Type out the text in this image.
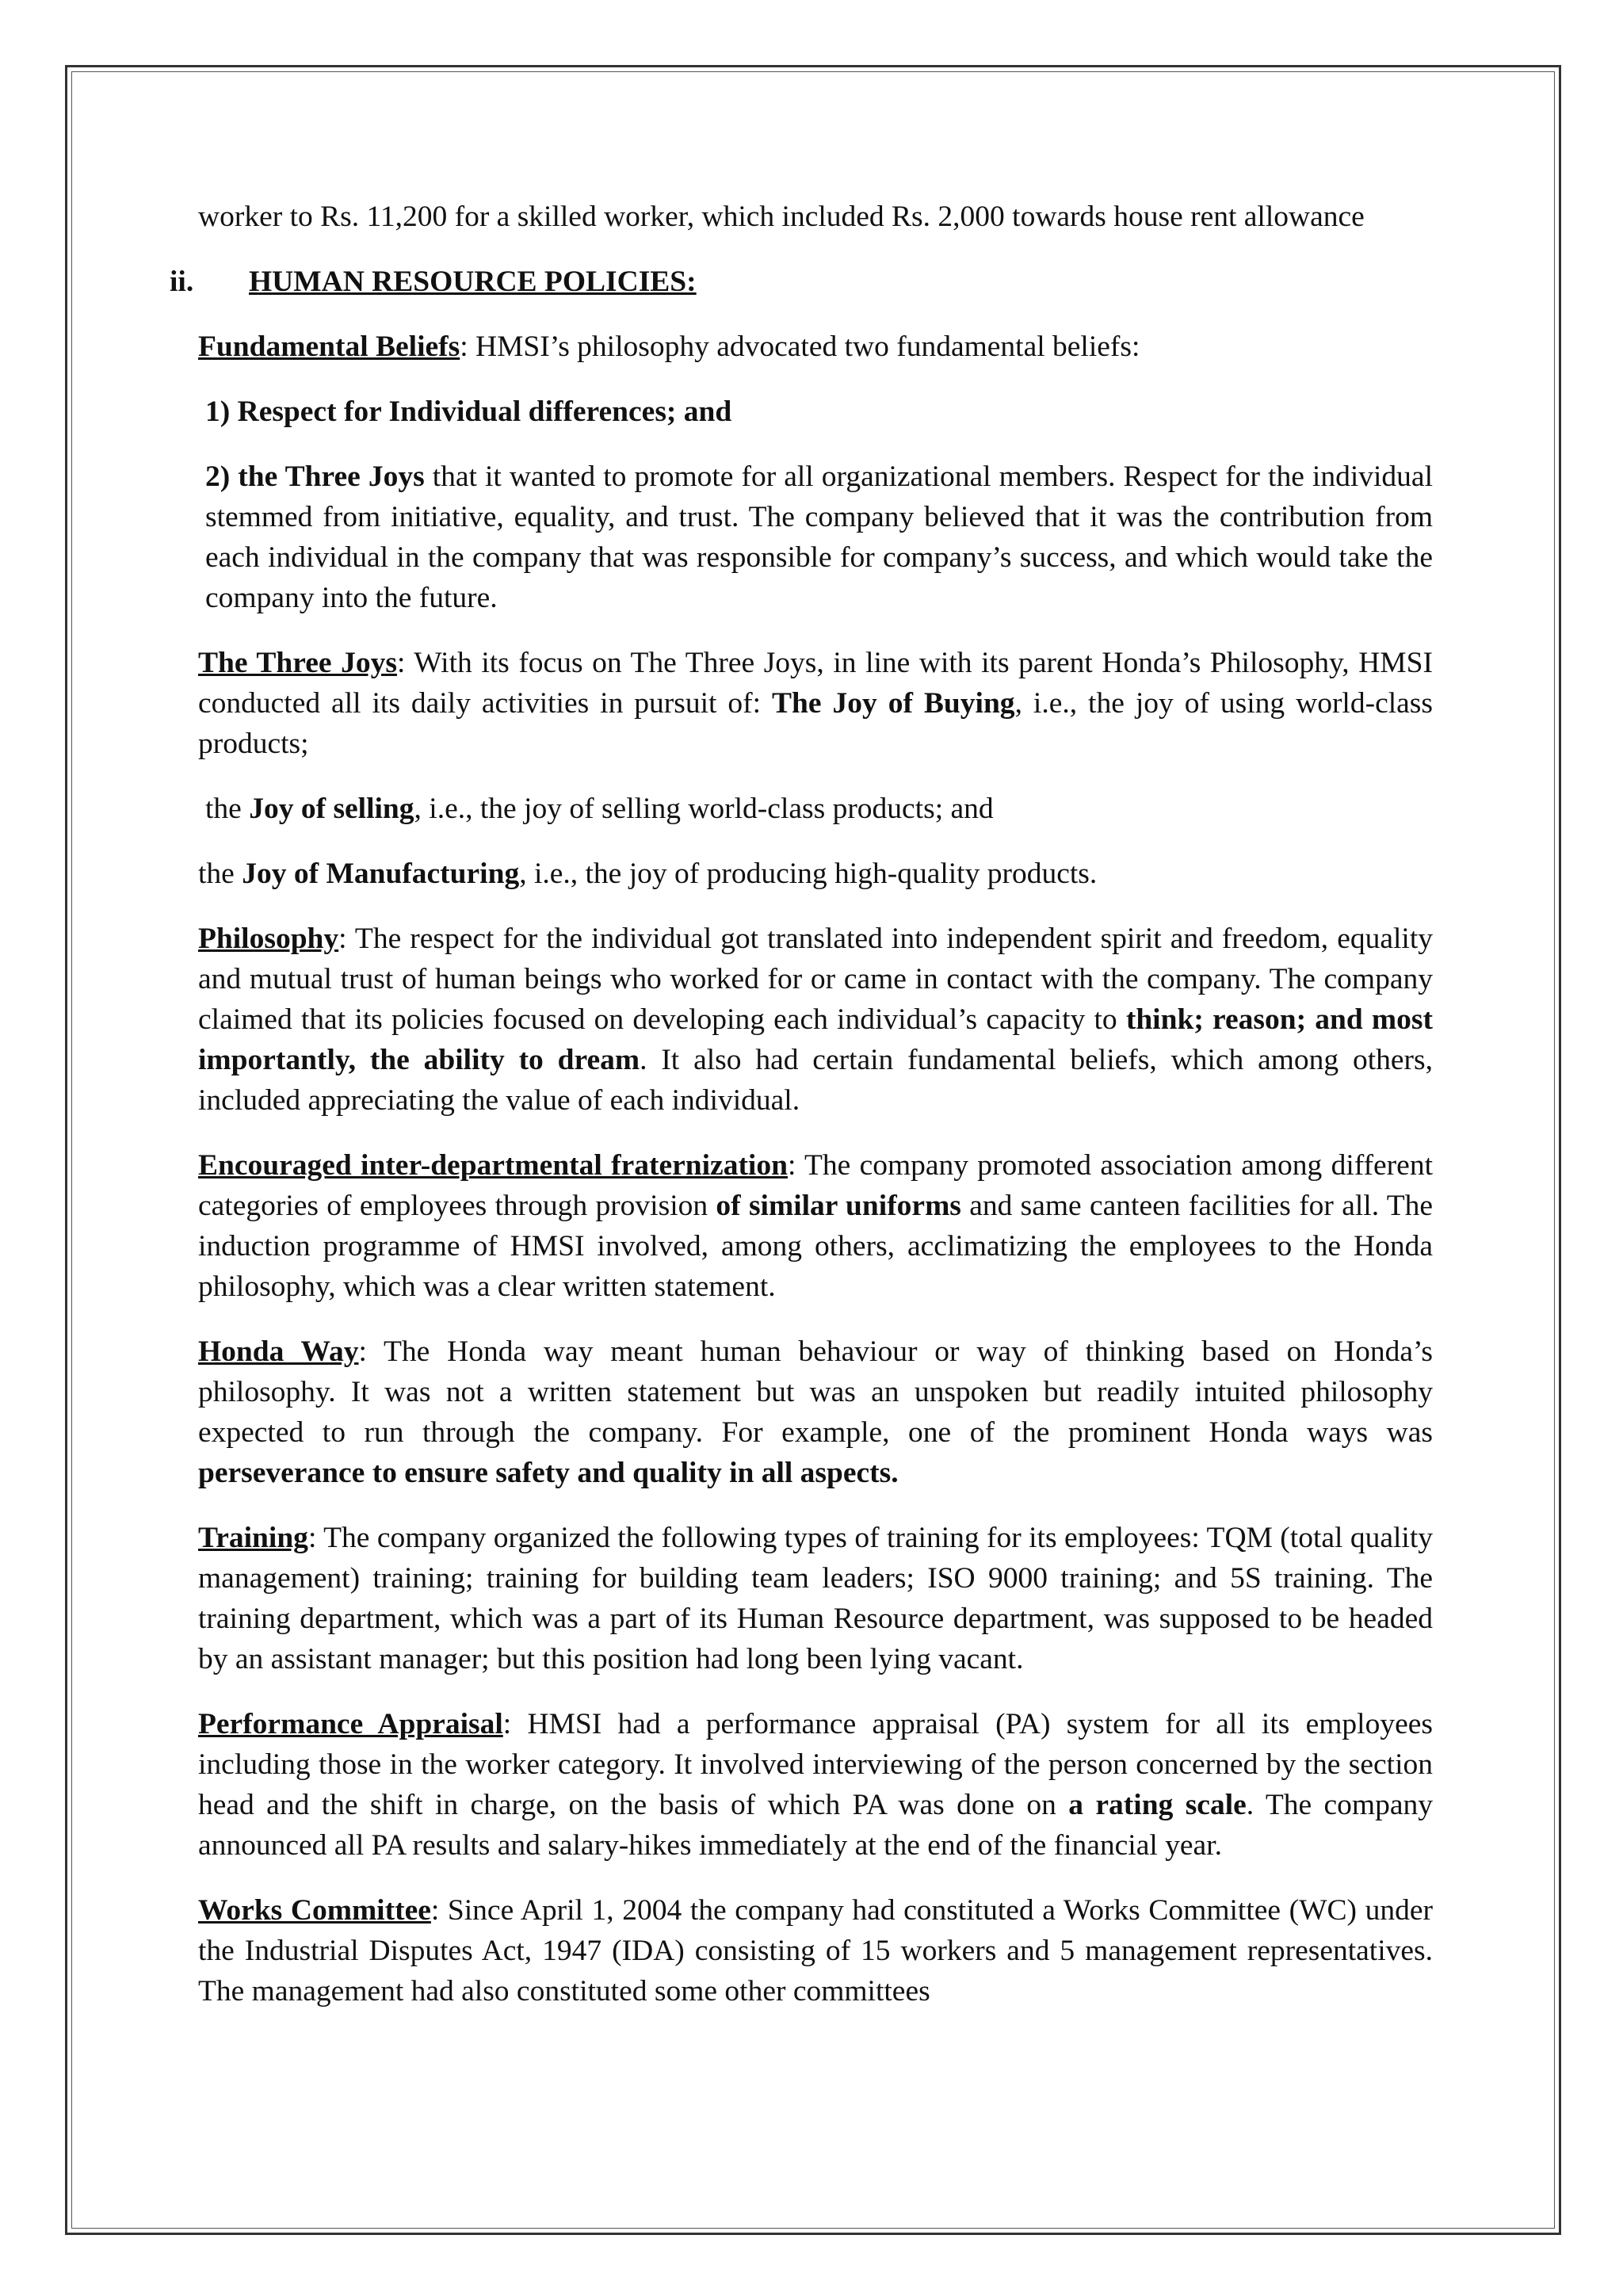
worker to Rs. 11,200 for a skilled worker, which included Rs. 2,000 towards house rent allowance

ii.	HUMAN RESOURCE POLICIES:

Fundamental Beliefs: HMSI’s philosophy advocated two fundamental beliefs:

1) Respect for Individual differences; and

2) the Three Joys that it wanted to promote for all organizational members. Respect for the individual stemmed from initiative, equality, and trust. The company believed that it was the contribution from each individual in the company that was responsible for company’s success, and which would take the company into the future.

The Three Joys: With its focus on The Three Joys, in line with its parent Honda’s Philosophy, HMSI conducted all its daily activities in pursuit of: The Joy of Buying, i.e., the joy of using world-class products;

the Joy of selling, i.e., the joy of selling world-class products; and

the Joy of Manufacturing, i.e., the joy of producing high-quality products.

Philosophy: The respect for the individual got translated into independent spirit and freedom, equality and mutual trust of human beings who worked for or came in contact with the company. The company claimed that its policies focused on developing each individual’s capacity to think; reason; and most importantly, the ability to dream. It also had certain fundamental beliefs, which among others, included appreciating the value of each individual.

Encouraged inter-departmental fraternization: The company promoted association among different categories of employees through provision of similar uniforms and same canteen facilities for all. The induction programme of HMSI involved, among others, acclimatizing the employees to the Honda philosophy, which was a clear written statement.

Honda Way: The Honda way meant human behaviour or way of thinking based on Honda’s philosophy. It was not a written statement but was an unspoken but readily intuited philosophy expected to run through the company. For example, one of the prominent Honda ways was perseverance to ensure safety and quality in all aspects.

Training: The company organized the following types of training for its employees: TQM (total quality management) training; training for building team leaders; ISO 9000 training; and 5S training. The training department, which was a part of its Human Resource department, was supposed to be headed by an assistant manager; but this position had long been lying vacant.

Performance Appraisal: HMSI had a performance appraisal (PA) system for all its employees including those in the worker category. It involved interviewing of the person concerned by the section head and the shift in charge, on the basis of which PA was done on a rating scale. The company announced all PA results and salary-hikes immediately at the end of the financial year.

Works Committee: Since April 1, 2004 the company had constituted a Works Committee (WC) under the Industrial Disputes Act, 1947 (IDA) consisting of 15 workers and 5 management representatives. The management had also constituted some other committees
